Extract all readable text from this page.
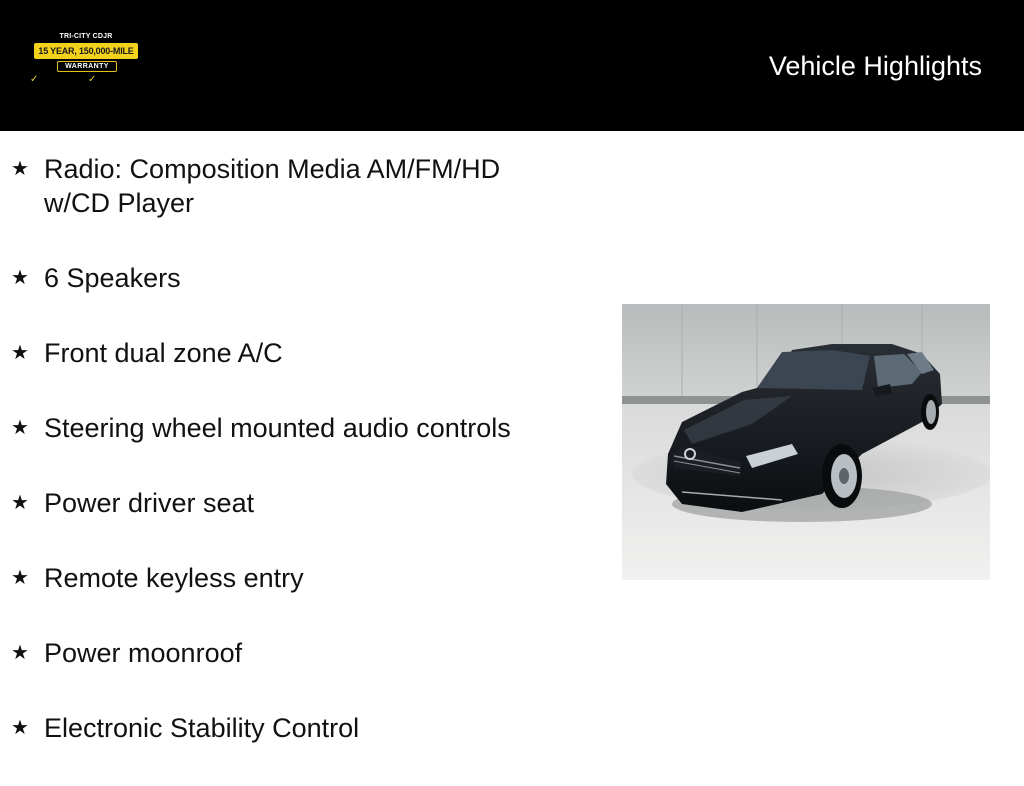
TRI-CITY CDJR
15 YEAR, 150,000-MILE
WARRANTY
✓	✓	Vehicle Highlights
★ Radio: Composition Media AM/FM/HD w/CD Player
★ 6 Speakers
★ Front dual zone A/C
★ Steering wheel mounted audio controls
★ Power driver seat
★ Remote keyless entry
★ Power moonroof
★ Electronic Stability Control
